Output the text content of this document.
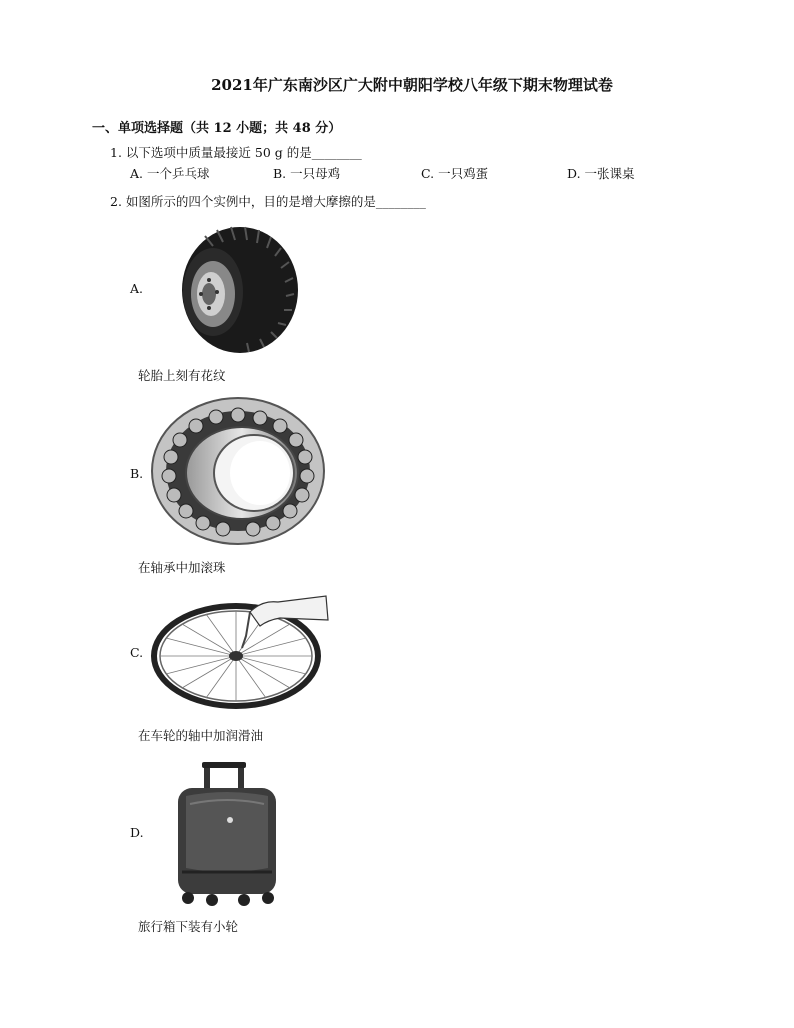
2021年广东南沙区广大附中朝阳学校八年级下期末物理试卷
一、单项选择题（共 12 小题；共 48 分）
1. 以下选项中质量最接近 50 g 的是________
A. 一个乒乓球	B. 一只母鸡	C. 一只鸡蛋	D. 一张课桌
2. 如图所示的四个实例中，目的是增大摩擦的是________
A.
轮胎上刻有花纹
B.
在轴承中加滚珠
C.
在车轮的轴中加润滑油
D.
旅行箱下装有小轮
